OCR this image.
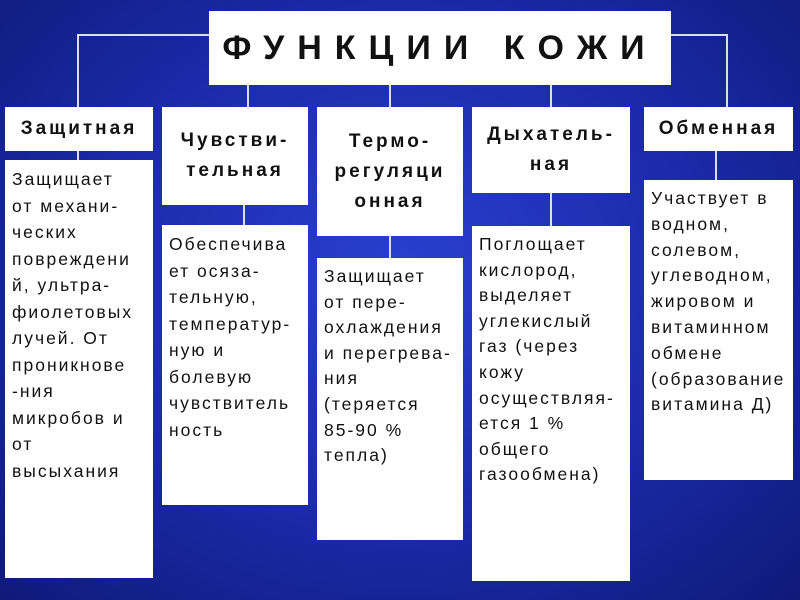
ФУНКЦИИ КОЖИ
Защитная
Защищает
от механи-
ческих
повреждени
й, ультра-
фиолетовых
лучей. От
проникнове
-ния
микробов и
от
высыхания
Чувстви-
тельная
Обеспечива
ет осяза-
тельную,
температур-
ную и
болевую
чувствитель
ность
Термо-
регуляци
онная
Защищает
от пере-
охлаждения
и перегрева-
ния
(теряется
85-90 %
тепла)
Дыхатель-
ная
Поглощает
кислород,
выделяет
углекислый
газ (через
кожу
осуществляя-
ется 1 %
общего
газообмена)
Обменная
Участвует в
водном,
солевом,
углеводном,
жировом и
витаминном
обмене
(образование
витамина Д)
